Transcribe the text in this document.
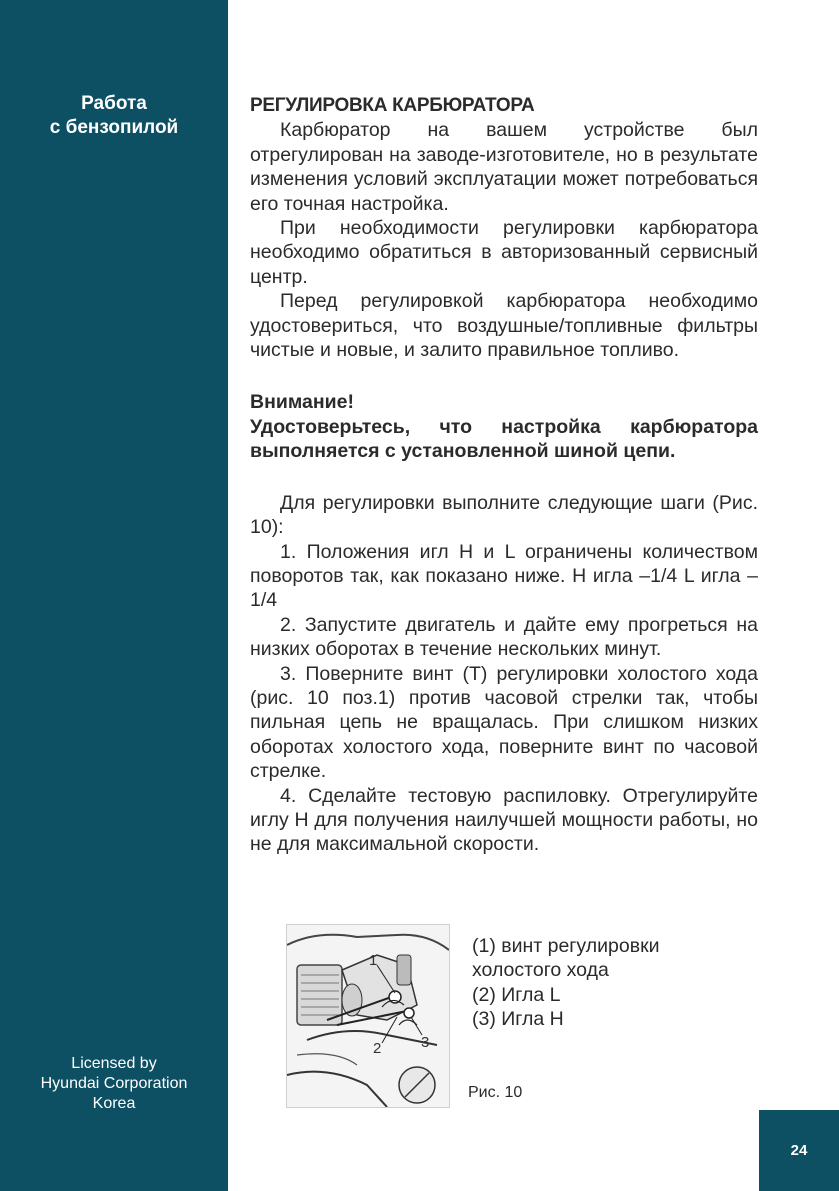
Работа
с бензопилой
Licensed by
Hyundai Corporation
Korea
24

РЕГУЛИРОВКА КАРБЮРАТОРА

Карбюратор на вашем устройстве был отрегулирован на заводе-изготовителе, но в результате изменения условий эксплуатации может потребоваться его точная настройка.

При необходимости регулировки карбюратора необходимо обратиться в авторизованный сервисный центр.

Перед регулировкой карбюратора необходимо удостовериться, что воздушные/топливные фильтры чистые и новые, и залито правильное топливо.

Внимание!

Удостоверьтесь, что настройка карбюратора выполняется с установленной шиной цепи.

Для регулировки выполните следующие шаги (Рис. 10):

1. Положения игл H и L ограничены количеством поворотов так, как показано ниже. H игла –1/4 L игла –1/4

2. Запустите двигатель и дайте ему прогреться на низких оборотах в течение нескольких минут.

3. Поверните винт (T) регулировки холостого хода (рис. 10 поз.1) против часовой стрелки так, чтобы пильная цепь не вращалась. При слишком низких оборотах холостого хода, поверните винт по часовой стрелке.

4. Сделайте тестовую распиловку. Отрегулируйте иглу H для получения наилучшей мощности работы, но не для максимальной скорости.

1
2	3
(1) винт регулировки
холостого хода
(2) Игла L
(3) Игла H
Рис. 10
